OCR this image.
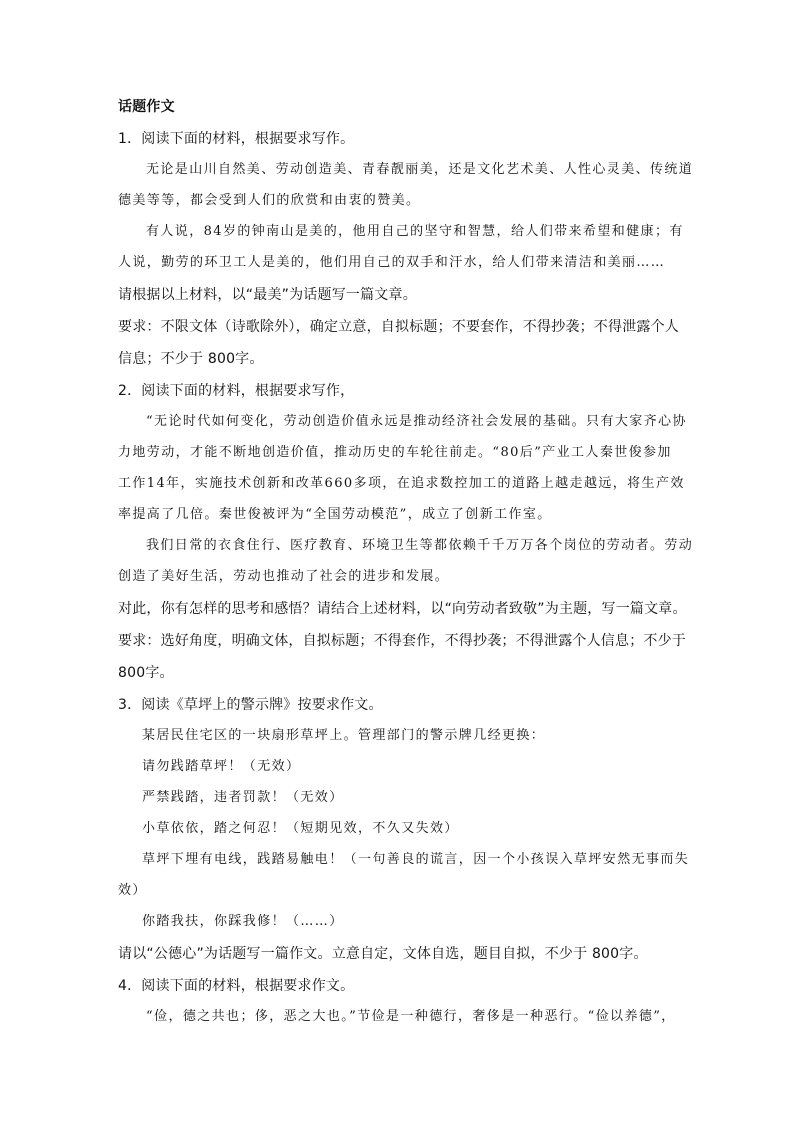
话题作文
1．阅读下面的材料，根据要求写作。
无论是山川自然美、劳动创造美、青春靓丽美，还是文化艺术美、人性心灵美、传统道
德美等等，都会受到人们的欣赏和由衷的赞美。
有人说，84岁的钟南山是美的，他用自己的坚守和智慧，给人们带来希望和健康；有
人说，勤劳的环卫工人是美的，他们用自己的双手和汗水，给人们带来清洁和美丽……
请根据以上材料，以“最美”为话题写一篇文章。
要求：不限文体（诗歌除外），确定立意，自拟标题；不要套作，不得抄袭；不得泄露个人
信息；不少于 800字。
2．阅读下面的材料，根据要求写作，
“无论时代如何变化，劳动创造价值永远是推动经济社会发展的基础。只有大家齐心协
力地劳动，才能不断地创造价值，推动历史的车轮往前走。“80后”产业工人秦世俊参加
工作14年，实施技术创新和改革660多项，在追求数控加工的道路上越走越远，将生产效
率提高了几倍。秦世俊被评为“全国劳动模范”，成立了创新工作室。
我们日常的衣食住行、医疗教育、环境卫生等都依赖千千万万各个岗位的劳动者。劳动
创造了美好生活，劳动也推动了社会的进步和发展。
对此，你有怎样的思考和感悟？请结合上述材料，以“向劳动者致敬”为主题，写一篇文章。
要求：选好角度，明确文体，自拟标题；不得套作，不得抄袭；不得泄露个人信息；不少于
800字。
3．阅读《草坪上的警示牌》按要求作文。
某居民住宅区的一块扇形草坪上。管理部门的警示牌几经更换：
请勿践踏草坪！（无效）
严禁践踏，违者罚款！（无效）
小草依依，踏之何忍！（短期见效，不久又失效）
草坪下埋有电线，践踏易触电！（一句善良的谎言，因一个小孩误入草坪安然无事而失
效）
你踏我扶，你踩我修！（……）
请以“公德心”为话题写一篇作文。立意自定，文体自选，题目自拟，不少于 800字。
4．阅读下面的材料，根据要求作文。
“俭，德之共也；侈，恶之大也。”节俭是一种德行，奢侈是一种恶行。“俭以养德”，
